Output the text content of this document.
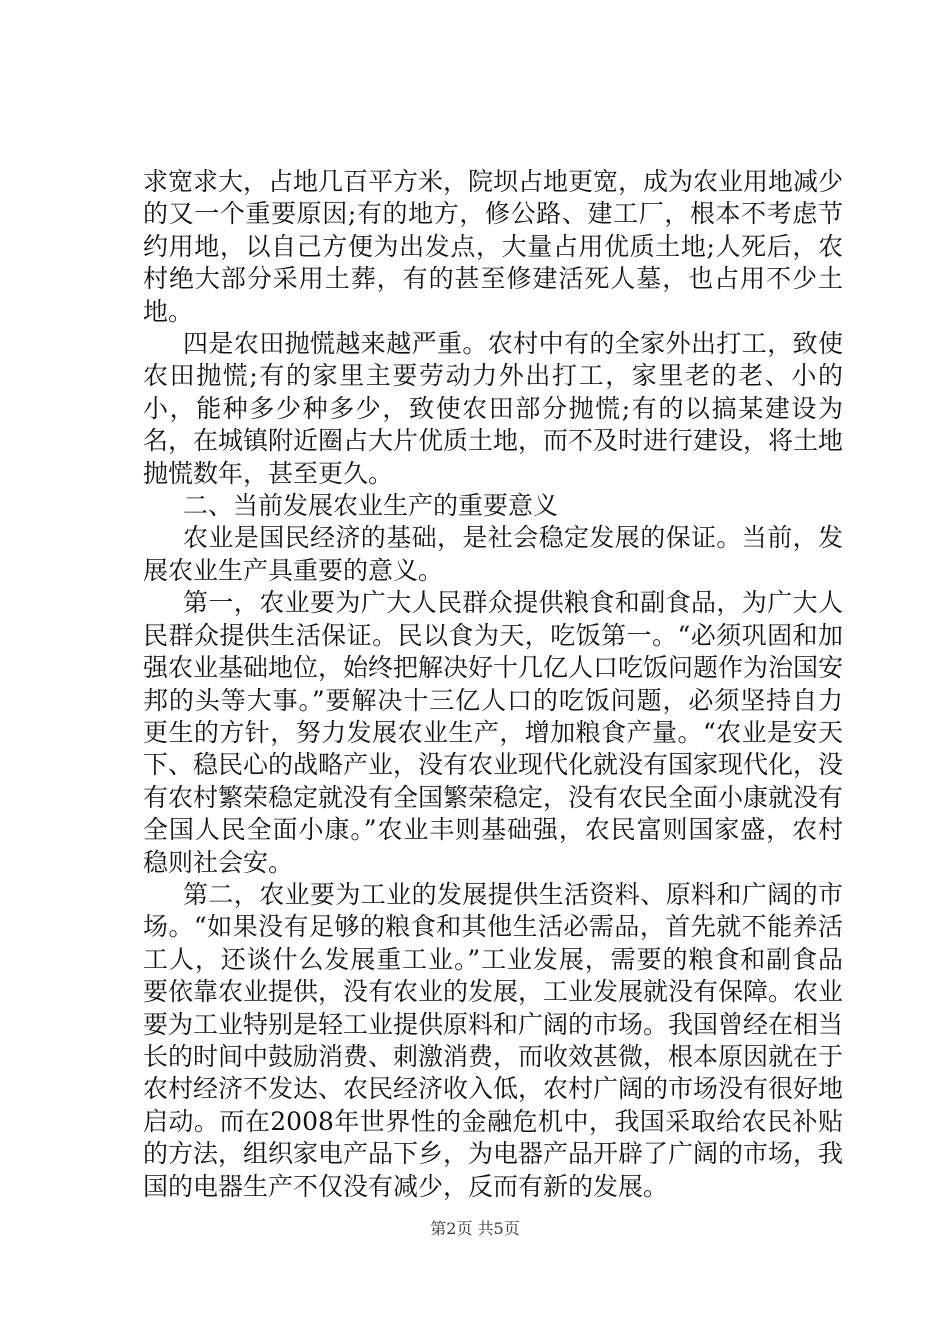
求宽求大，占地几百平方米，院坝占地更宽，成为农业用地减少的又一个重要原因;有的地方，修公路、建工厂，根本不考虑节约用地，以自己方便为出发点，大量占用优质土地;人死后，农村绝大部分采用土葬，有的甚至修建活死人墓，也占用不少土地。

四是农田抛慌越来越严重。农村中有的全家外出打工，致使农田抛慌;有的家里主要劳动力外出打工，家里老的老、小的小，能种多少种多少，致使农田部分抛慌;有的以搞某建设为名，在城镇附近圈占大片优质土地，而不及时进行建设，将土地抛慌数年，甚至更久。

二、当前发展农业生产的重要意义

农业是国民经济的基础，是社会稳定发展的保证。当前，发展农业生产具重要的意义。

第一，农业要为广大人民群众提供粮食和副食品，为广大人民群众提供生活保证。民以食为天，吃饭第一。“必须巩固和加强农业基础地位，始终把解决好十几亿人口吃饭问题作为治国安邦的头等大事。”要解决十三亿人口的吃饭问题，必须坚持自力更生的方针，努力发展农业生产，增加粮食产量。“农业是安天下、稳民心的战略产业，没有农业现代化就没有国家现代化，没有农村繁荣稳定就没有全国繁荣稳定，没有农民全面小康就没有全国人民全面小康。”农业丰则基础强，农民富则国家盛，农村稳则社会安。

第二，农业要为工业的发展提供生活资料、原料和广阔的市场。“如果没有足够的粮食和其他生活必需品，首先就不能养活工人，还谈什么发展重工业。”工业发展，需要的粮食和副食品要依靠农业提供，没有农业的发展，工业发展就没有保障。农业要为工业特别是轻工业提供原料和广阔的市场。我国曾经在相当长的时间中鼓励消费、刺激消费，而收效甚微，根本原因就在于农村经济不发达、农民经济收入低，农村广阔的市场没有很好地启动。而在2008年世界性的金融危机中，我国采取给农民补贴的方法，组织家电产品下乡，为电器产品开辟了广阔的市场，我国的电器生产不仅没有减少，反而有新的发展。

第2页 共5页
